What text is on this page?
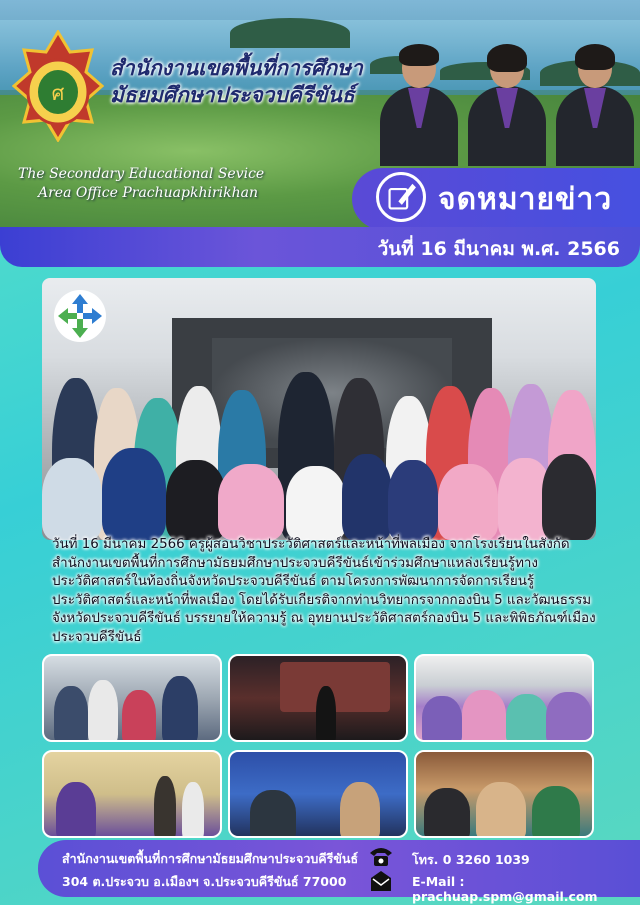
ศ
สำนักงานเขตพื้นที่การศึกษา
มัธยมศึกษาประจวบคีรีขันธ์
The Secondary Educational Sevice
Area Office Prachuapkhirikhan	จดหมายข่าว
วันที่ 16 มีนาคม พ.ศ. 2566
วันที่ 16 มีนาคม 2566 ครูผู้สอนวิชาประวัติศาสตร์และหน้าที่พลเมือง จากโรงเรียนในสังกัดสำนักงานเขตพื้นที่การศึกษามัธยมศึกษาประจวบคีรีขันธ์เข้าร่วมศึกษาแหล่งเรียนรู้ทางประวัติศาสตร์ในท้องถิ่นจังหวัดประจวบคีรีขันธ์ ตามโครงการพัฒนาการจัดการเรียนรู้ประวัติศาสตร์และหน้าที่พลเมือง โดยได้รับเกียรติจากท่านวิทยากรจากกองบิน 5 และวัฒนธรรมจังหวัดประจวบคีรีขันธ์ บรรยายให้ความรู้ ณ อุทยานประวัติศาสตร์กองบิน 5 และพิพิธภัณฑ์เมืองประจวบคีรีขันธ์
สำนักงานเขตพื้นที่การศึกษามัธยมศึกษาประจวบคีรีขันธ์
304 ต.ประจวบ อ.เมืองฯ จ.ประจวบคีรีขันธ์ 77000
โทร. 0 3260 1039
E-Mail : prachuap.spm@gmail.com
